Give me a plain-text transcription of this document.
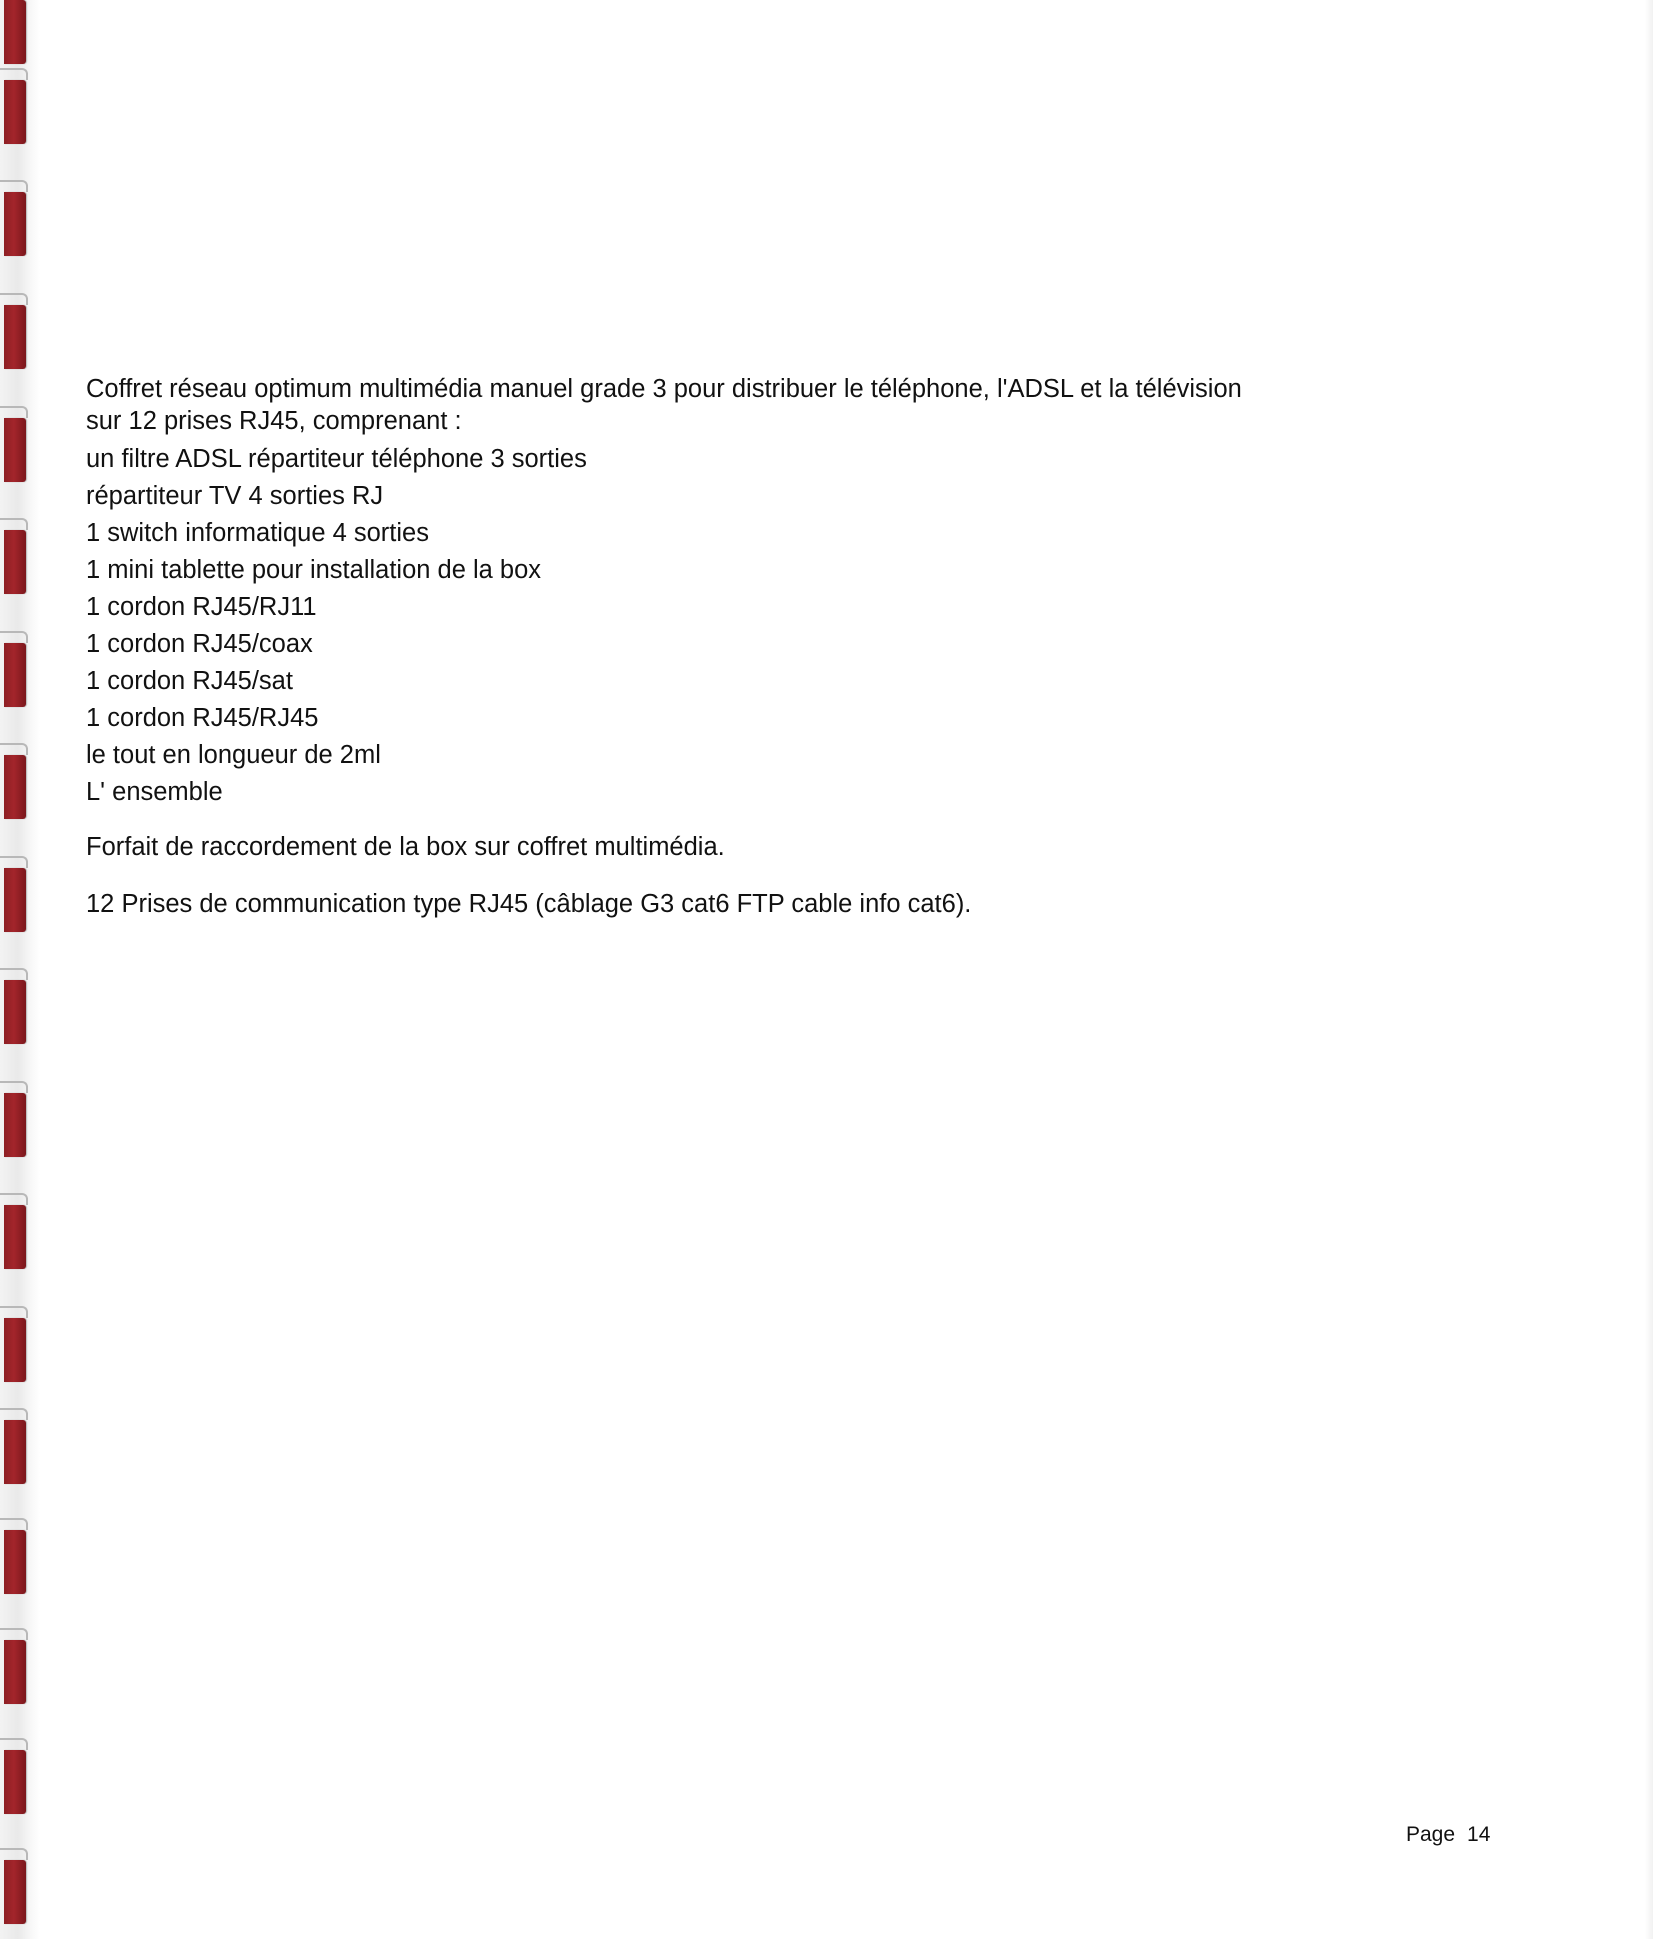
Coffret réseau optimum multimédia manuel grade 3 pour distribuer le téléphone, l'ADSL et la télévision
sur 12 prises RJ45, comprenant :

un filtre ADSL répartiteur téléphone 3 sorties

répartiteur TV 4 sorties RJ

1 switch informatique 4 sorties

1 mini tablette pour installation de la box

1 cordon RJ45/RJ11

1 cordon RJ45/coax

1 cordon RJ45/sat

1 cordon RJ45/RJ45

le tout en longueur de 2ml

L' ensemble

Forfait de raccordement de la box sur coffret multimédia.

12 Prises de communication type RJ45 (câblage G3 cat6 FTP cable info cat6).

Page 14
